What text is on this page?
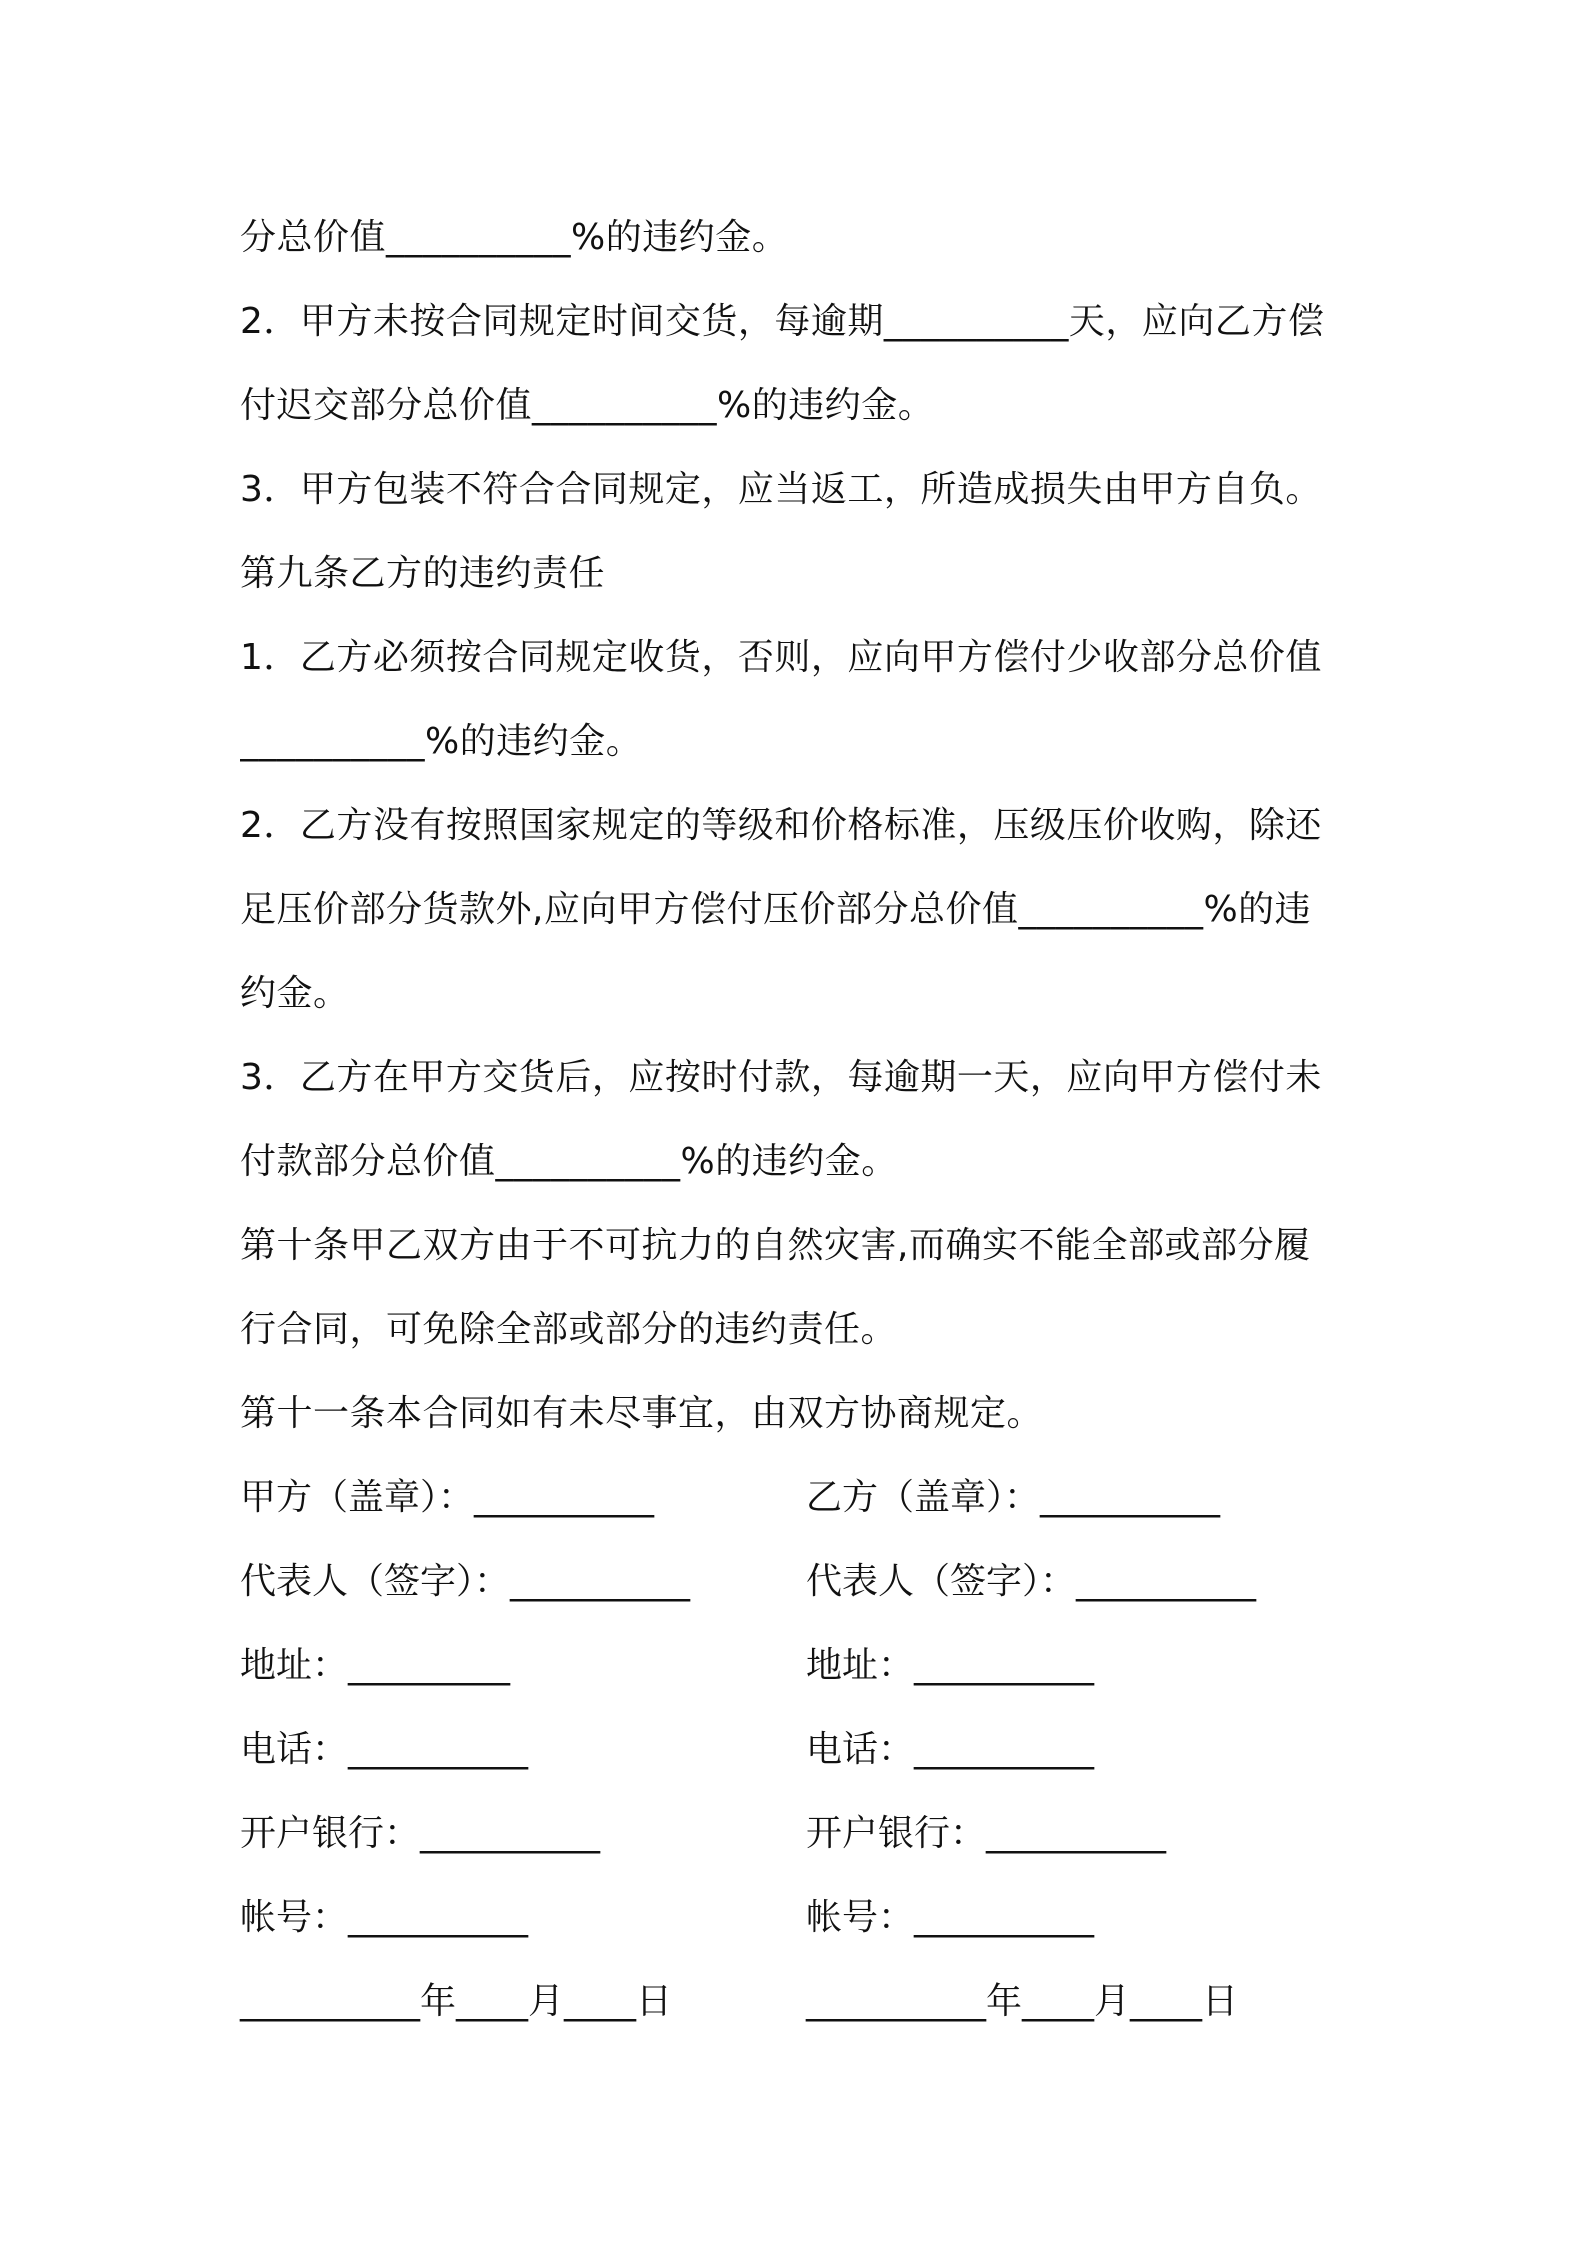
分总价值__________%的违约金。
2．甲方未按合同规定时间交货，每逾期__________天，应向乙方偿
付迟交部分总价值__________%的违约金。
3．甲方包装不符合合同规定，应当返工，所造成损失由甲方自负。
第九条乙方的违约责任
1．乙方必须按合同规定收货，否则，应向甲方偿付少收部分总价值
__________%的违约金。
2．乙方没有按照国家规定的等级和价格标准，压级压价收购，除还
足压价部分货款外,应向甲方偿付压价部分总价值__________%的违
约金。
3．乙方在甲方交货后，应按时付款，每逾期一天，应向甲方偿付未
付款部分总价值__________%的违约金。
第十条甲乙双方由于不可抗力的自然灾害,而确实不能全部或部分履
行合同，可免除全部或部分的违约责任。
第十一条本合同如有未尽事宜，由双方协商规定。
甲方（盖章）：__________	乙方（盖章）：__________
代表人（签字）：__________	代表人（签字）：__________
地址：_________	地址：__________
电话：__________	电话：__________
开户银行：__________	开户银行：__________
帐号：__________	帐号：__________
__________年____月____日	__________年____月____日
